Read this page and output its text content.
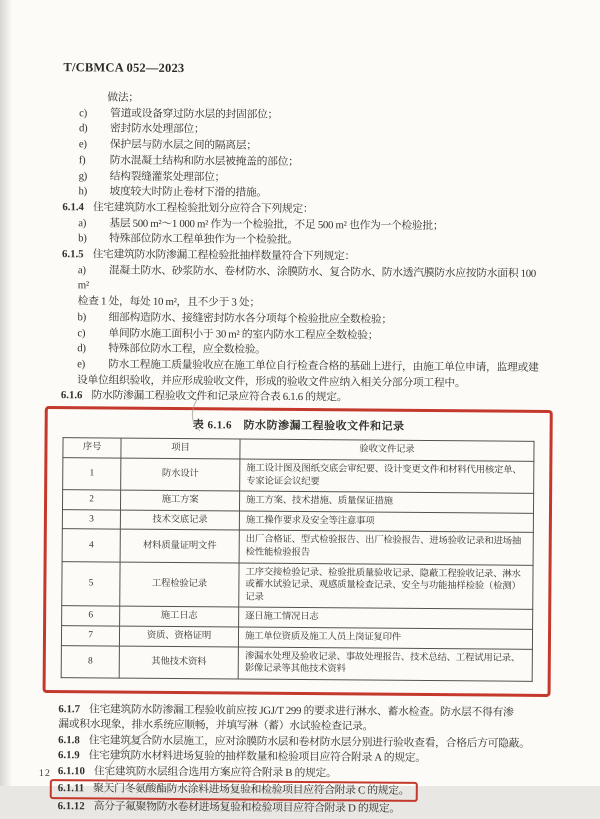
T/CBMCA 052—2023

做法；

c) 管道或设备穿过防水层的封固部位；

d) 密封防水处理部位；

e) 保护层与防水层之间的隔离层；

f) 防水混凝土结构和防水层被掩盖的部位；

g) 结构裂缝灌浆处理部位；

h) 坡度较大时防止卷材下滑的措施。

6.1.4 住宅建筑防水工程检验批划分应符合下列规定：

a) 基层 500 m²～1 000 m² 作为一个检验批，不足 500 m² 也作为一个检验批；

b) 特殊部位防水工程单独作为一个检验批。

6.1.5 住宅建筑防水防渗漏工程检验批抽样数量符合下列规定：

a) 混凝土防水、砂浆防水、卷材防水、涂膜防水、复合防水、防水透汽膜防水应按防水面积 100 m²
检查 1 处，每处 10 m²，且不少于 3 处；

b) 细部构造防水、接缝密封防水各分项每个检验批应全数检验；

c) 单间防水施工面积小于 30 m² 的室内防水工程应全数检验；

d) 特殊部位防水工程，应全数检验。

e) 防水工程施工质量验收应在施工单位自行检查合格的基础上进行，由施工单位申请，监理或建
设单位组织验收，并应形成验收文件，形成的验收文件应纳入相关分部分项工程中。

6.1.6 防水防渗漏工程验收文件和记录应符合表 6.1.6 的规定。

表 6.1.6　防水防渗漏工程验收文件和记录

序号	项目	验收文件记录
1	防水设计	施工设计图及图纸交底会审纪要、设计变更文件和材料代用核定单、专家论证会议纪要
2	施工方案	施工方案、技术措施、质量保证措施
3	技术交底记录	施工操作要求及安全等注意事项
4	材料质量证明文件	出厂合格证、型式检验报告、出厂检验报告、进场验收记录和进场抽检性能检验报告
5	工程检验记录	工序交接检验记录、检验批质量验收记录、隐蔽工程验收记录、淋水或蓄水试验记录、观感质量检查记录、安全与功能抽样检验（检测）记录
6	施工日志	逐日施工情况日志
7	资质、资格证明	施工单位资质及施工人员上岗证复印件
8	其他技术资料	渗漏水处理及验收记录、事故处理报告、技术总结、工程试用记录、影像记录等其他技术资料

6.1.7 住宅建筑防水防渗漏工程验收前应按 JGJ/T 299 的要求进行淋水、蓄水检查。防水层不得有渗
漏或积水现象，排水系统应顺畅，并填写淋（蓄）水试验检查记录。

6.1.8 住宅建筑复合防水层施工，应对涂膜防水层和卷材防水层分别进行验收查看，合格后方可隐蔽。

6.1.9 住宅建筑防水材料进场复验的抽样数量和检验项目应符合附录 A 的规定。

6.1.10 住宅建筑防水层组合选用方案应符合附录 B 的规定。

6.1.11 聚天门冬氨酸酯防水涂料进场复验和检验项目应符合附录 C 的规定。

6.1.12 高分子氟聚物防水卷材进场复验和检验项目应符合附录 D 的规定。

12
